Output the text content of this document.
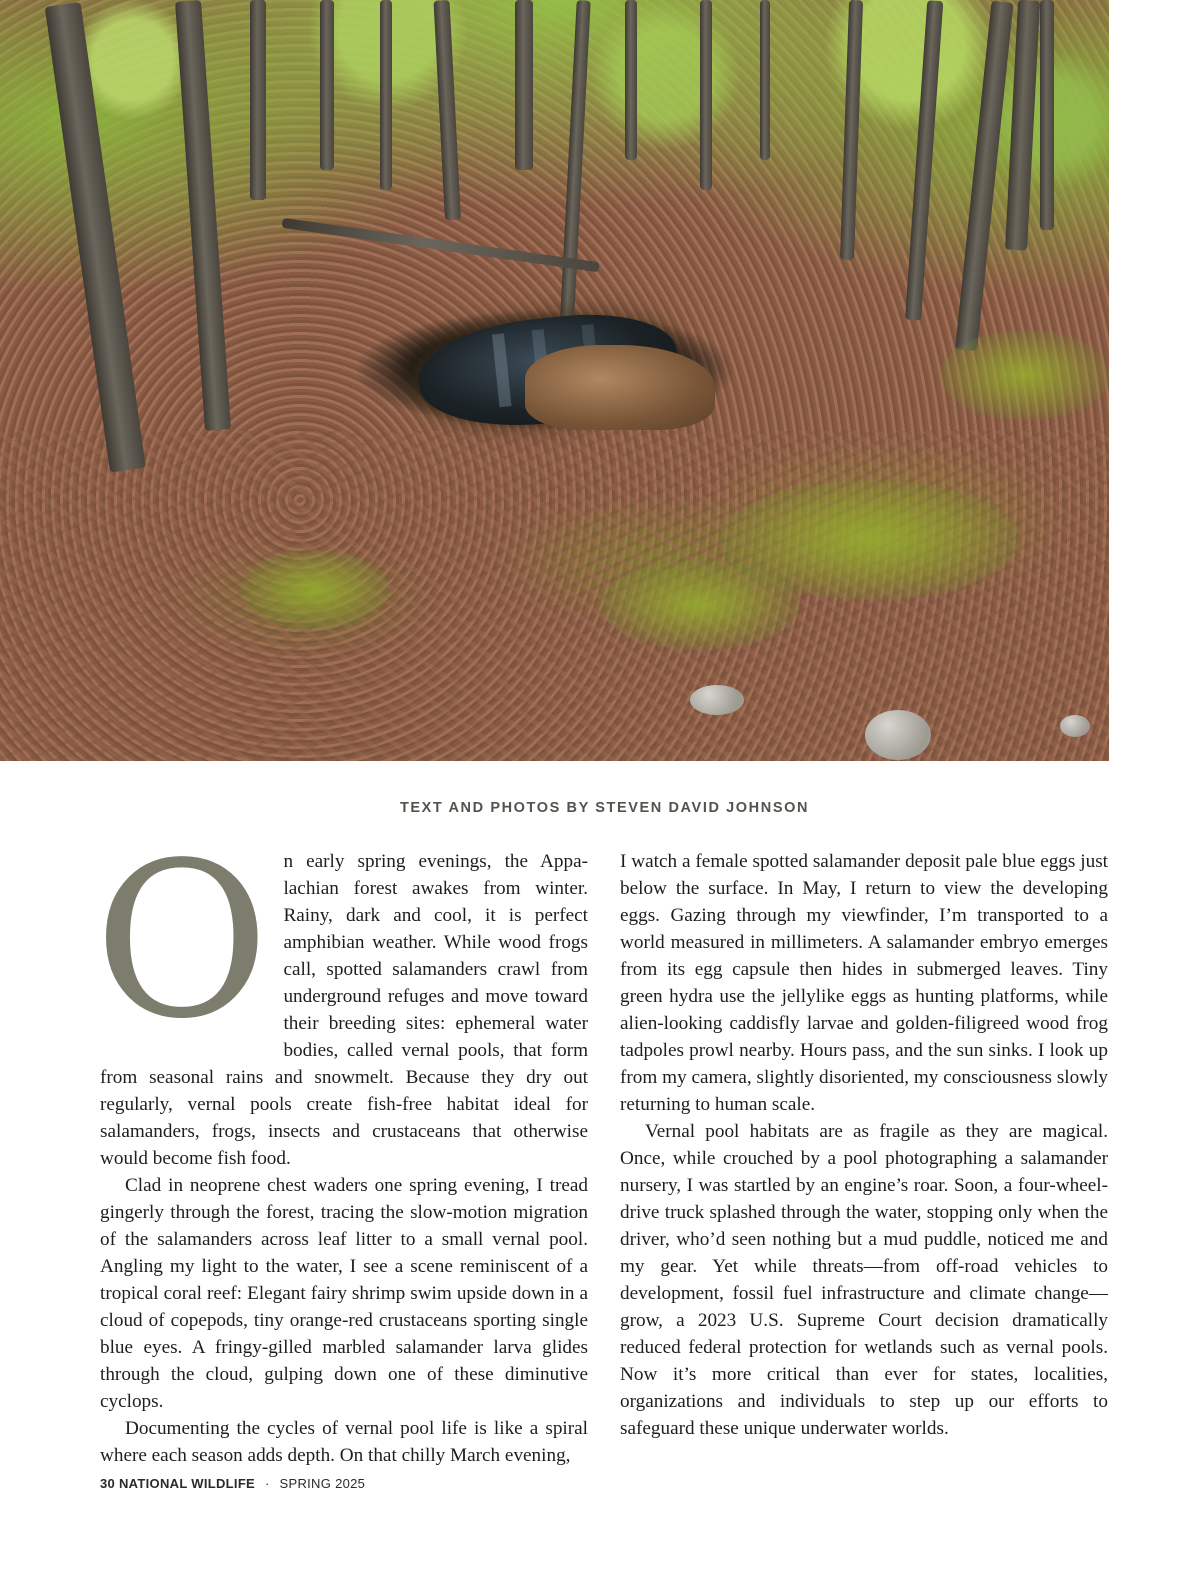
TEXT AND PHOTOS BY STEVEN DAVID JOHNSON

On early spring evenings, the Appalachian forest awakes from winter. Rainy, dark and cool, it is perfect amphibian weather. While wood frogs call, spotted salamanders crawl from underground refuges and move toward their breeding sites: ephemeral water bodies, called vernal pools, that form from seasonal rains and snowmelt. Because they dry out regularly, vernal pools create fish-free habitat ideal for salamanders, frogs, insects and crustaceans that otherwise would become fish food.

Clad in neoprene chest waders one spring evening, I tread gingerly through the forest, tracing the slow-motion migration of the salamanders across leaf litter to a small vernal pool. Angling my light to the water, I see a scene reminiscent of a tropical coral reef: Elegant fairy shrimp swim upside down in a cloud of copepods, tiny orange-red crustaceans sporting single blue eyes. A fringy-gilled marbled salamander larva glides through the cloud, gulping down one of these diminutive cyclops.

Documenting the cycles of vernal pool life is like a spiral where each season adds depth. On that chilly March evening,

I watch a female spotted salamander deposit pale blue eggs just below the surface. In May, I return to view the developing eggs. Gazing through my viewfinder, I’m transported to a world measured in millimeters. A salamander embryo emerges from its egg capsule then hides in submerged leaves. Tiny green hydra use the jellylike eggs as hunting platforms, while alien-looking caddisfly larvae and golden-filigreed wood frog tadpoles prowl nearby. Hours pass, and the sun sinks. I look up from my camera, slightly disoriented, my consciousness slowly returning to human scale.

Vernal pool habitats are as fragile as they are magical. Once, while crouched by a pool photographing a salamander nursery, I was startled by an engine’s roar. Soon, a four-wheel-drive truck splashed through the water, stopping only when the driver, who’d seen nothing but a mud puddle, noticed me and my gear. Yet while threats—from off-road vehicles to development, fossil fuel infrastructure and climate change—grow, a 2023 U.S. Supreme Court decision dramatically reduced federal protection for wetlands such as vernal pools. Now it’s more critical than ever for states, localities, organizations and individuals to step up our efforts to safeguard these unique underwater worlds.

30 NATIONAL WILDLIFE · SPRING 2025
